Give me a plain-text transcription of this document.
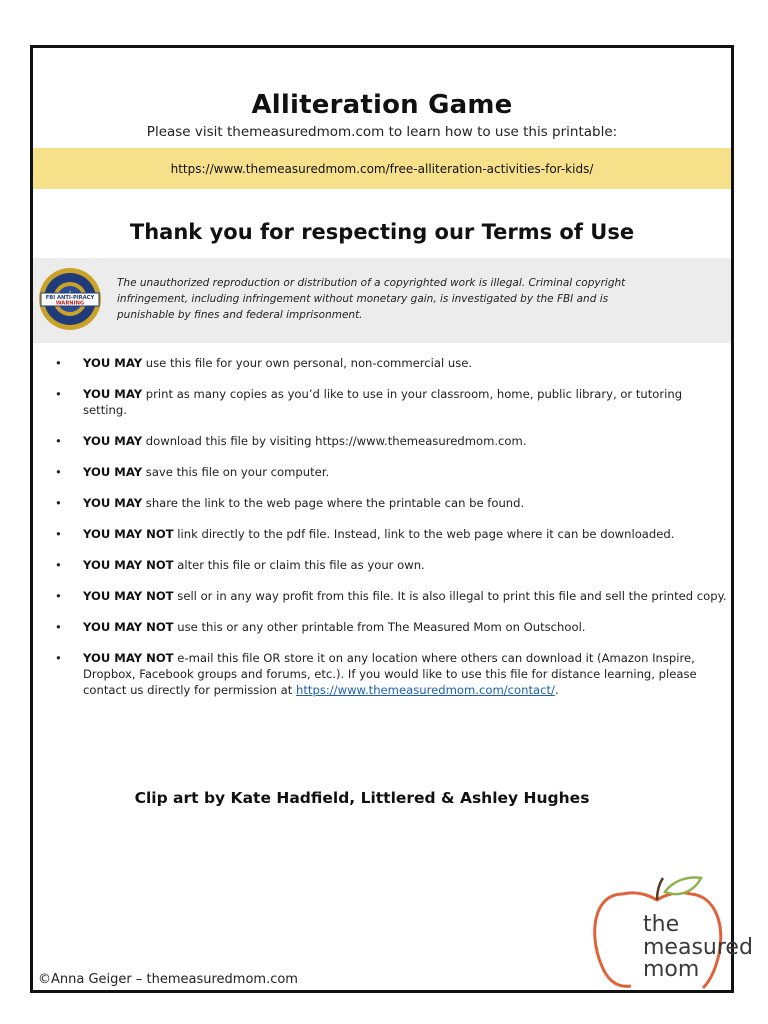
Alliteration Game
Please visit themeasuredmom.com to learn how to use this printable:
https://www.themeasuredmom.com/free-alliteration-activities-for-kids/
Thank you for respecting our Terms of Use
FBI ANTI-PIRACY
WARNING
The unauthorized reproduction or distribution of a copyrighted work is illegal. Criminal copyright infringement, including infringement without monetary gain, is investigated by the FBI and is punishable by fines and federal imprisonment.
• YOU MAY use this file for your own personal, non-commercial use.
• YOU MAY print as many copies as you’d like to use in your classroom, home, public library, or tutoring setting.
• YOU MAY download this file by visiting https://www.themeasuredmom.com.
• YOU MAY save this file on your computer.
• YOU MAY share the link to the web page where the printable can be found.
• YOU MAY NOT link directly to the pdf file. Instead, link to the web page where it can be downloaded.
• YOU MAY NOT alter this file or claim this file as your own.
• YOU MAY NOT sell or in any way profit from this file. It is also illegal to print this file and sell the printed copy.
• YOU MAY NOT use this or any other printable from The Measured Mom on Outschool.
• YOU MAY NOT e-mail this file OR store it on any location where others can download it (Amazon Inspire, Dropbox, Facebook groups and forums, etc.). If you would like to use this file for distance learning, please contact us directly for permission at https://www.themeasuredmom.com/contact/.
Clip art by Kate Hadfield, Littlered & Ashley Hughes
©Anna Geiger – themeasuredmom.com
the
measured
mom
